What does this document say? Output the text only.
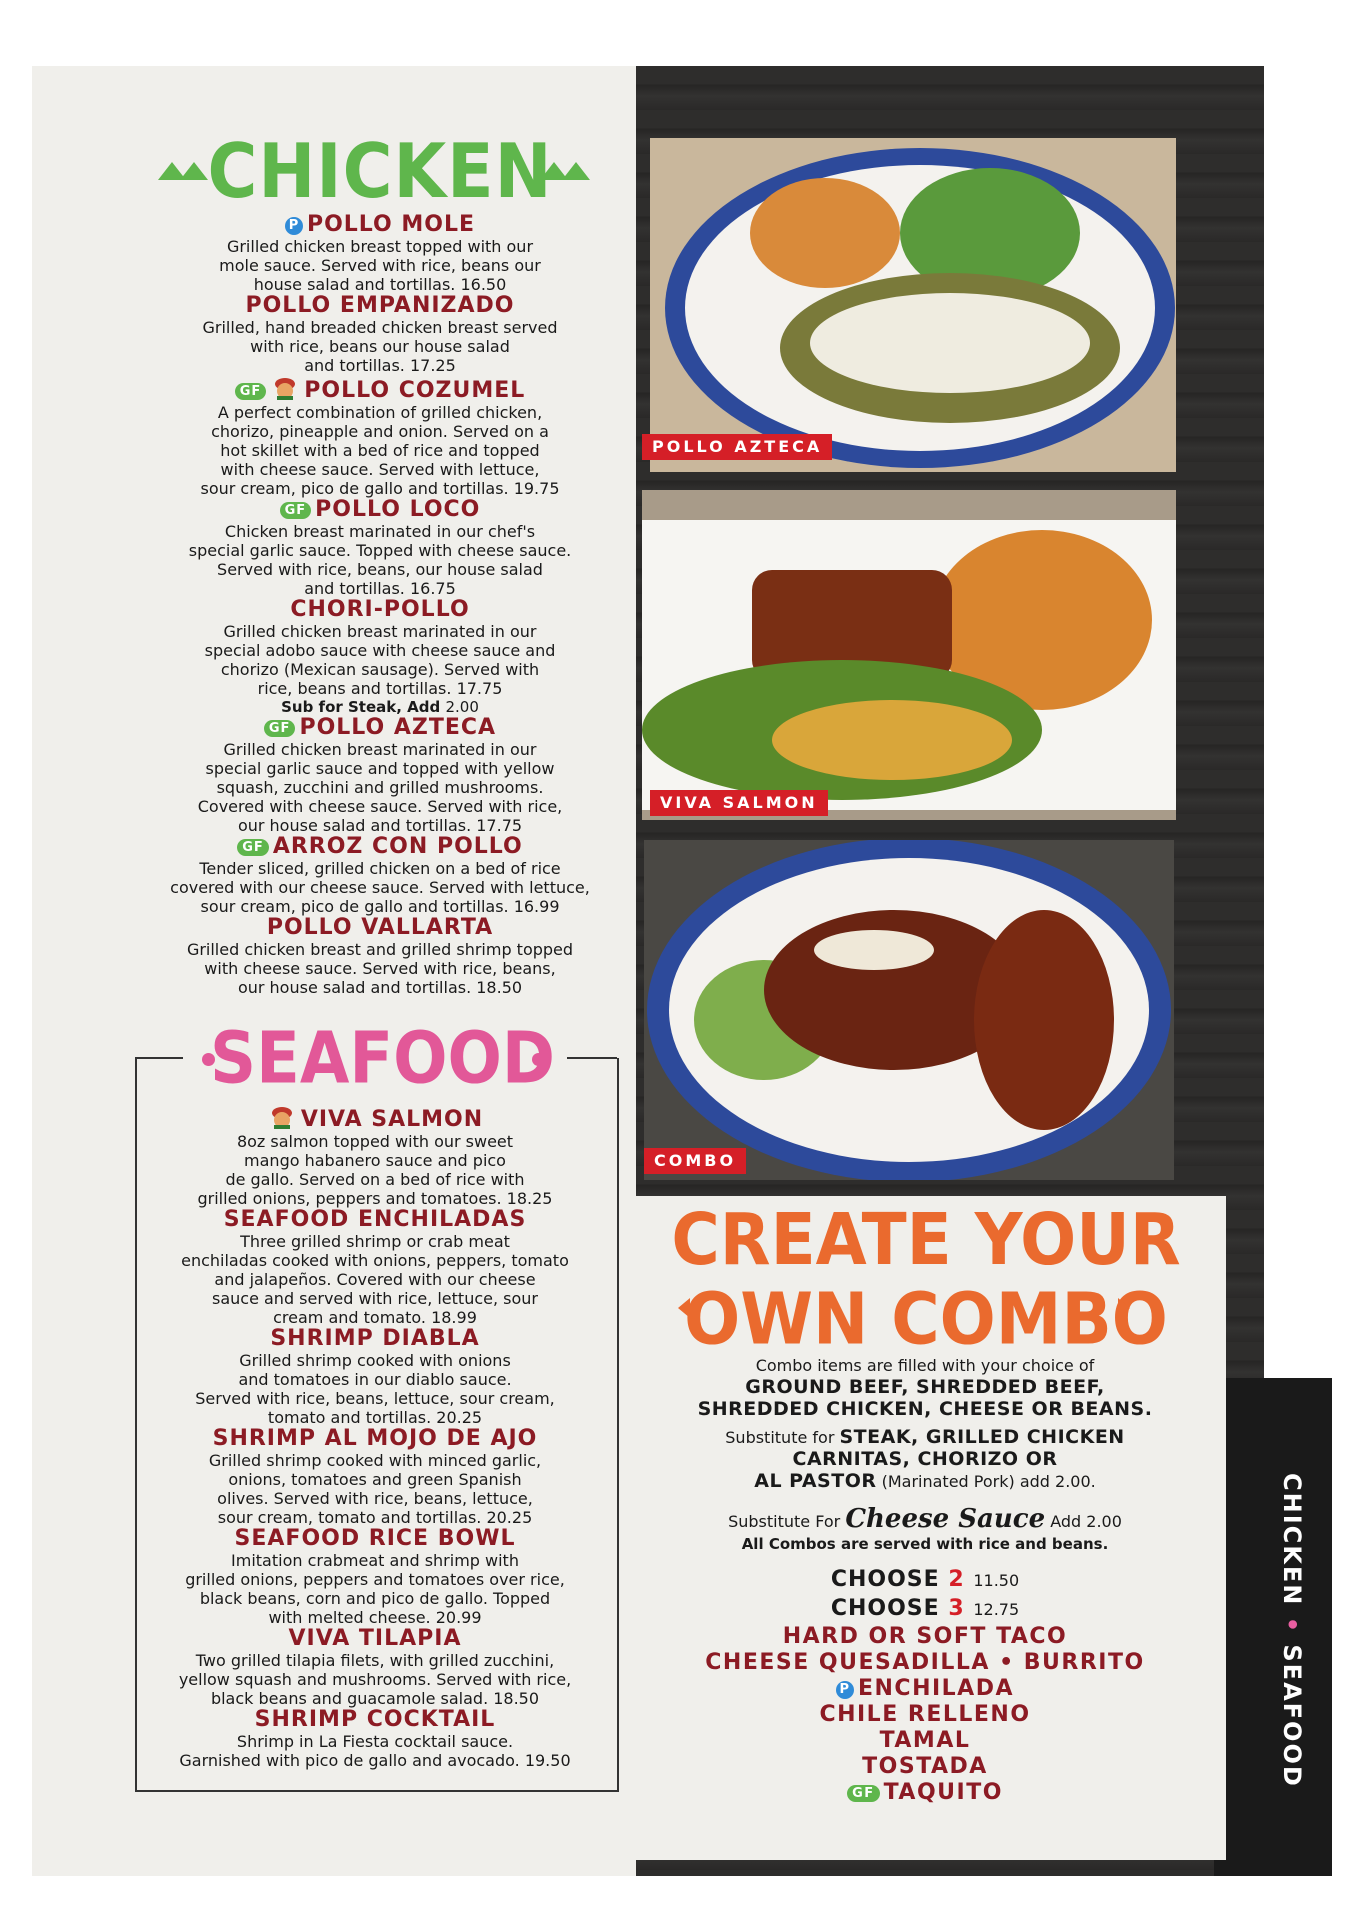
CHICKEN • SEAFOOD
CHICKEN
P POLLO MOLE
Grilled chicken breast topped with our
mole sauce. Served with rice, beans our
house salad and tortillas. 16.50
POLLO EMPANIZADO
Grilled, hand breaded chicken breast served
with rice, beans our house salad
and tortillas. 17.25
GF POLLO COZUMEL
A perfect combination of grilled chicken,
chorizo, pineapple and onion. Served on a
hot skillet with a bed of rice and topped
with cheese sauce. Served with lettuce,
sour cream, pico de gallo and tortillas. 19.75
GF POLLO LOCO
Chicken breast marinated in our chef's
special garlic sauce. Topped with cheese sauce.
Served with rice, beans, our house salad
and tortillas. 16.75
CHORI-POLLO
Grilled chicken breast marinated in our
special adobo sauce with cheese sauce and
chorizo (Mexican sausage). Served with
rice, beans and tortillas. 17.75
Sub for Steak, Add 2.00
GF POLLO AZTECA
Grilled chicken breast marinated in our
special garlic sauce and topped with yellow
squash, zucchini and grilled mushrooms.
Covered with cheese sauce. Served with rice,
our house salad and tortillas. 17.75
GF ARROZ CON POLLO
Tender sliced, grilled chicken on a bed of rice
covered with our cheese sauce. Served with lettuce,
sour cream, pico de gallo and tortillas. 16.99
POLLO VALLARTA
Grilled chicken breast and grilled shrimp topped
with cheese sauce. Served with rice, beans,
our house salad and tortillas. 18.50
SEAFOOD
VIVA SALMON
8oz salmon topped with our sweet
mango habanero sauce and pico
de gallo. Served on a bed of rice with
grilled onions, peppers and tomatoes. 18.25
SEAFOOD ENCHILADAS
Three grilled shrimp or crab meat
enchiladas cooked with onions, peppers, tomato
and jalapeños. Covered with our cheese
sauce and served with rice, lettuce, sour
cream and tomato. 18.99
SHRIMP DIABLA
Grilled shrimp cooked with onions
and tomatoes in our diablo sauce.
Served with rice, beans, lettuce, sour cream,
tomato and tortillas. 20.25
SHRIMP AL MOJO DE AJO
Grilled shrimp cooked with minced garlic,
onions, tomatoes and green Spanish
olives. Served with rice, beans, lettuce,
sour cream, tomato and tortillas. 20.25
SEAFOOD RICE BOWL
Imitation crabmeat and shrimp with
grilled onions, peppers and tomatoes over rice,
black beans, corn and pico de gallo. Topped
with melted cheese. 20.99
VIVA TILAPIA
Two grilled tilapia filets, with grilled zucchini,
yellow squash and mushrooms. Served with rice,
black beans and guacamole salad. 18.50
SHRIMP COCKTAIL
Shrimp in La Fiesta cocktail sauce.
Garnished with pico de gallo and avocado. 19.50
POLLO AZTECA
VIVA SALMON
COMBO
CREATE YOUR
OWN COMBO
Combo items are filled with your choice of
GROUND BEEF, SHREDDED BEEF,
SHREDDED CHICKEN, CHEESE OR BEANS.
Substitute for STEAK, GRILLED CHICKEN
CARNITAS, CHORIZO OR
AL PASTOR (Marinated Pork) add 2.00.
Substitute For Cheese Sauce Add 2.00
All Combos are served with rice and beans.
CHOOSE 2 11.50
CHOOSE 3 12.75
HARD OR SOFT TACO
CHEESE QUESADILLA • BURRITO
P ENCHILADA
CHILE RELLENO
TAMAL
TOSTADA
GF TAQUITO
